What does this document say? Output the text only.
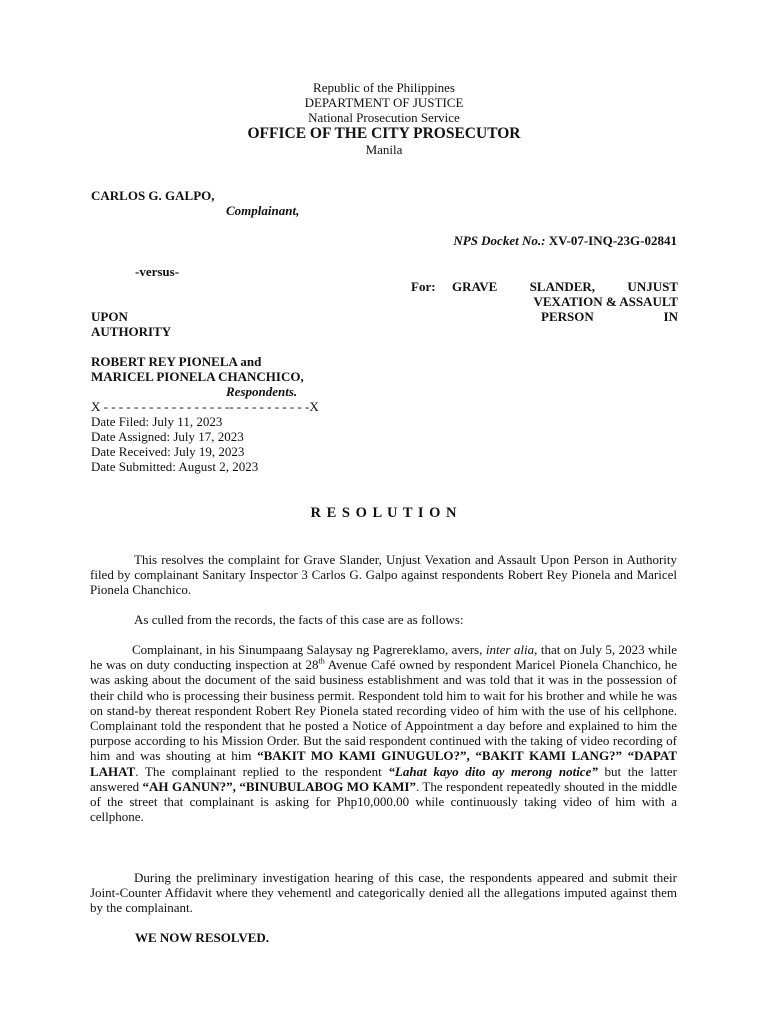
Republic of the Philippines
DEPARTMENT OF JUSTICE
National Prosecution Service
OFFICE OF THE CITY PROSECUTOR
Manila
CARLOS G. GALPO,
Complainant,
NPS Docket No.: XV-07-INQ-23G-02841
-versus-
For: GRAVE SLANDER, UNJUST
VEXATION & ASSAULT
PERSON IN
UPON
AUTHORITY
ROBERT REY PIONELA and
MARICEL PIONELA CHANCHICO,
Respondents.
X - - - - - - - - - - - - - - - - -- - - - - - - - - - -X
Date Filed: July 11, 2023
Date Assigned: July 17, 2023
Date Received: July 19, 2023
Date Submitted: August 2, 2023
R E S O L U T I O N
This resolves the complaint for Grave Slander, Unjust Vexation and Assault Upon Person in Authority filed by complainant Sanitary Inspector 3 Carlos G. Galpo against respondents Robert Rey Pionela and Maricel Pionela Chanchico.
As culled from the records, the facts of this case are as follows:
Complainant, in his Sinumpaang Salaysay ng Pagrereklamo, avers, inter alia, that on July 5, 2023 while he was on duty conducting inspection at 28th Avenue Café owned by respondent Maricel Pionela Chanchico, he was asking about the document of the said business establishment and was told that it was in the possession of their child who is processing their business permit. Respondent told him to wait for his brother and while he was on stand-by thereat respondent Robert Rey Pionela stated recording video of him with the use of his cellphone. Complainant told the respondent that he posted a Notice of Appointment a day before and explained to him the purpose according to his Mission Order. But the said respondent continued with the taking of video recording of him and was shouting at him “BAKIT MO KAMI GINUGULO?”, “BAKIT KAMI LANG?” “DAPAT LAHAT. The complainant replied to the respondent “Lahat kayo dito ay merong notice” but the latter answered “AH GANUN?”, “BINUBULABOG MO KAMI”. The respondent repeatedly shouted in the middle of the street that complainant is asking for Php10,000.00 while continuously taking video of him with a cellphone.
During the preliminary investigation hearing of this case, the respondents appeared and submit their Joint-Counter Affidavit where they vehementl and categorically denied all the allegations imputed against them by the complainant.
WE NOW RESOLVED.
